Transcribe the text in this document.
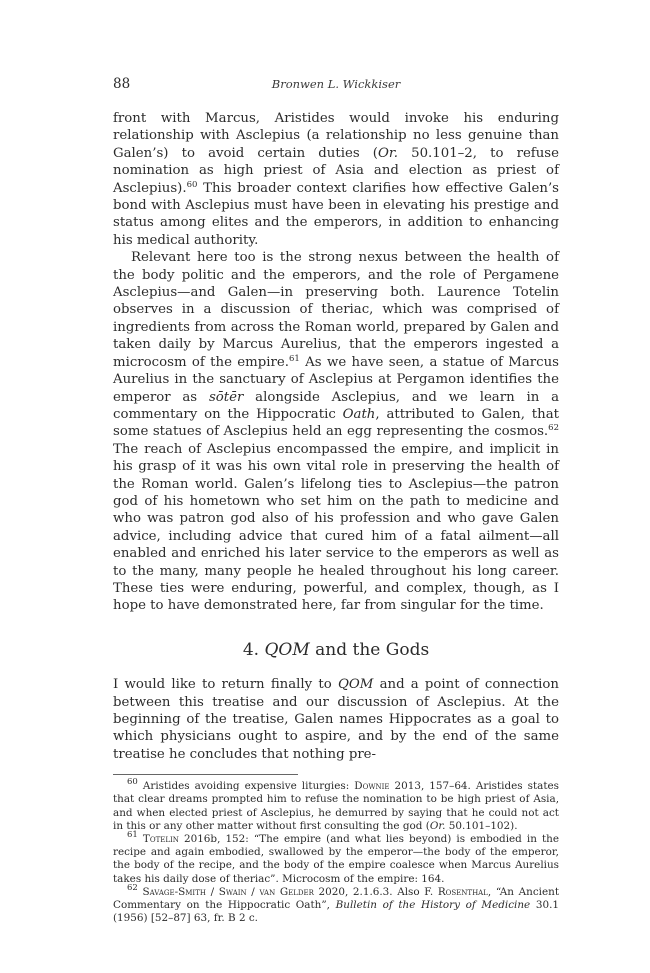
88	Bronwen L. Wickkiser

front with Marcus, Aristides would invoke his enduring relationship with Asclepius (a relationship no less genuine than Galen’s) to avoid certain duties (Or. 50.101–2, to refuse nomination as high priest of Asia and election as priest of Asclepius).$^{60}$ This broader context clarifies how effective Galen’s bond with Asclepius must have been in elevating his prestige and status among elites and the emperors, in addition to enhancing his medical authority.

Relevant here too is the strong nexus between the health of the body politic and the emperors, and the role of Pergamene Asclepius—and Galen—in preserving both. Laurence Totelin observes in a discussion of theriac, which was comprised of ingredients from across the Roman world, prepared by Galen and taken daily by Marcus Aurelius, that the emperors ingested a microcosm of the empire.$^{61}$ As we have seen, a statue of Marcus Aurelius in the sanctuary of Asclepius at Pergamon identifies the emperor as sōtēr alongside Asclepius, and we learn in a commentary on the Hippocratic Oath, attributed to Galen, that some statues of Asclepius held an egg representing the cosmos.$^{62}$ The reach of Asclepius encompassed the empire, and implicit in his grasp of it was his own vital role in preserving the health of the Roman world. Galen’s lifelong ties to Asclepius—the patron god of his hometown who set him on the path to medicine and who was patron god also of his profession and who gave Galen advice, including advice that cured him of a fatal ailment—all enabled and enriched his later service to the emperors as well as to the many, many people he healed throughout his long career. These ties were enduring, powerful, and complex, though, as I hope to have demonstrated here, far from singular for the time.

4. QOM and the Gods

I would like to return finally to QOM and a point of connection between this treatise and our discussion of Asclepius. At the beginning of the treatise, Galen names Hippocrates as a goal to which physicians ought to aspire, and by the end of the same treatise he concludes that nothing pre-

$^{60}$ Aristides avoiding expensive liturgies: Downie 2013, 157–64. Aristides states that clear dreams prompted him to refuse the nomination to be high priest of Asia, and when elected priest of Asclepius, he demurred by saying that he could not act in this or any other matter without first consulting the god (Or. 50.101–102).

$^{61}$ Totelin 2016b, 152: “The empire (and what lies beyond) is embodied in the recipe and again embodied, swallowed by the emperor—the body of the emperor, the body of the recipe, and the body of the empire coalesce when Marcus Aurelius takes his daily dose of theriac”. Microcosm of the empire: 164.

$^{62}$ Savage-Smith / Swain / van Gelder 2020, 2.1.6.3. Also F. Rosenthal, “An Ancient Commentary on the Hippocratic Oath”, Bulletin of the History of Medicine 30.1 (1956) [52–87] 63, fr. B 2 c.
